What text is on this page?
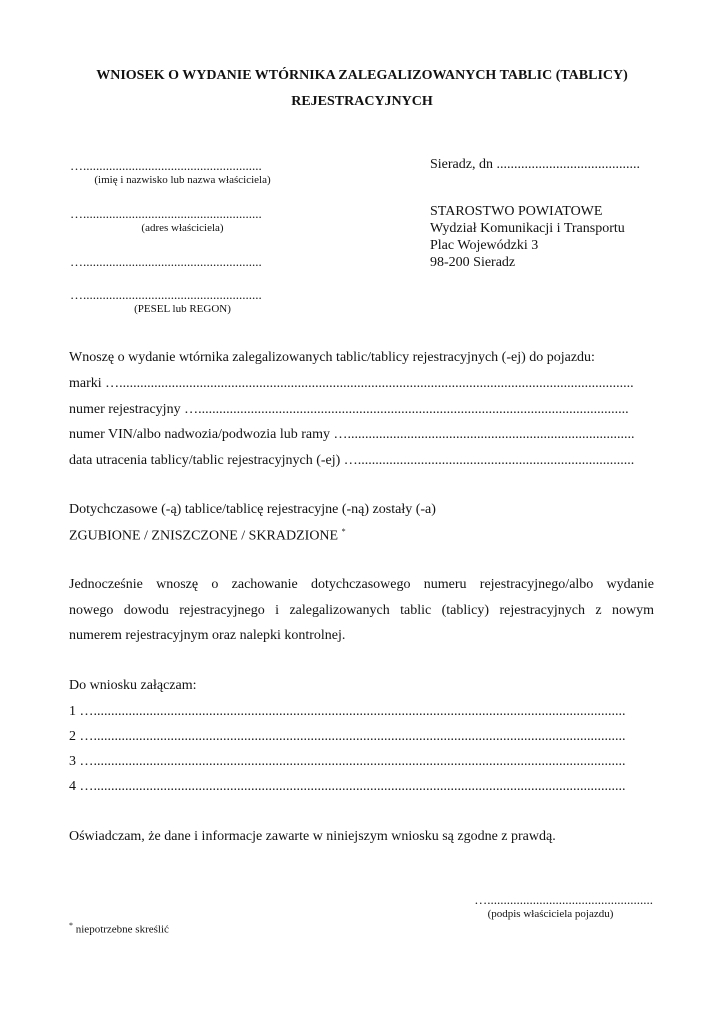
WNIOSEK O WYDANIE WTÓRNIKA ZALEGALIZOWANYCH TABLIC (TABLICY)
REJESTRACYJNYCH
….......................................................
(imię i nazwisko lub nazwa właściciela)
….......................................................
(adres właściciela)
….......................................................
….......................................................
(PESEL lub REGON)
Sieradz, dn .........................................
STAROSTWO POWIATOWE
Wydział Komunikacji i Transportu
Plac Wojewódzki 3
98-200 Sieradz
Wnoszę o wydanie wtórnika zalegalizowanych tablic/tablicy rejestracyjnych (-ej) do pojazdu:
marki …...................................................................................................................................................
numer rejestracyjny …...........................................................................................................................
numer VIN/albo nadwozia/podwozia lub ramy …..................................................................................
data utracenia tablicy/tablic rejestracyjnych (-ej) …...............................................................................
Dotychczasowe (-ą) tablice/tablicę rejestracyjne (-ną) zostały (-a)
ZGUBIONE / ZNISZCZONE / SKRADZIONE *
Jednocześnie wnoszę o zachowanie dotychczasowego numeru rejestracyjnego/albo wydanie
nowego dowodu rejestracyjnego i zalegalizowanych tablic (tablicy) rejestracyjnych z nowym
numerem rejestracyjnym oraz nalepki kontrolnej.
Do wniosku załączam:
1 …........................................................................................................................................................
2 …........................................................................................................................................................
3 …........................................................................................................................................................
4 …........................................................................................................................................................
Oświadczam, że dane i informacje zawarte w niniejszym wniosku są zgodne z prawdą.
…...................................................
(podpis właściciela pojazdu)
* niepotrzebne skreślić
